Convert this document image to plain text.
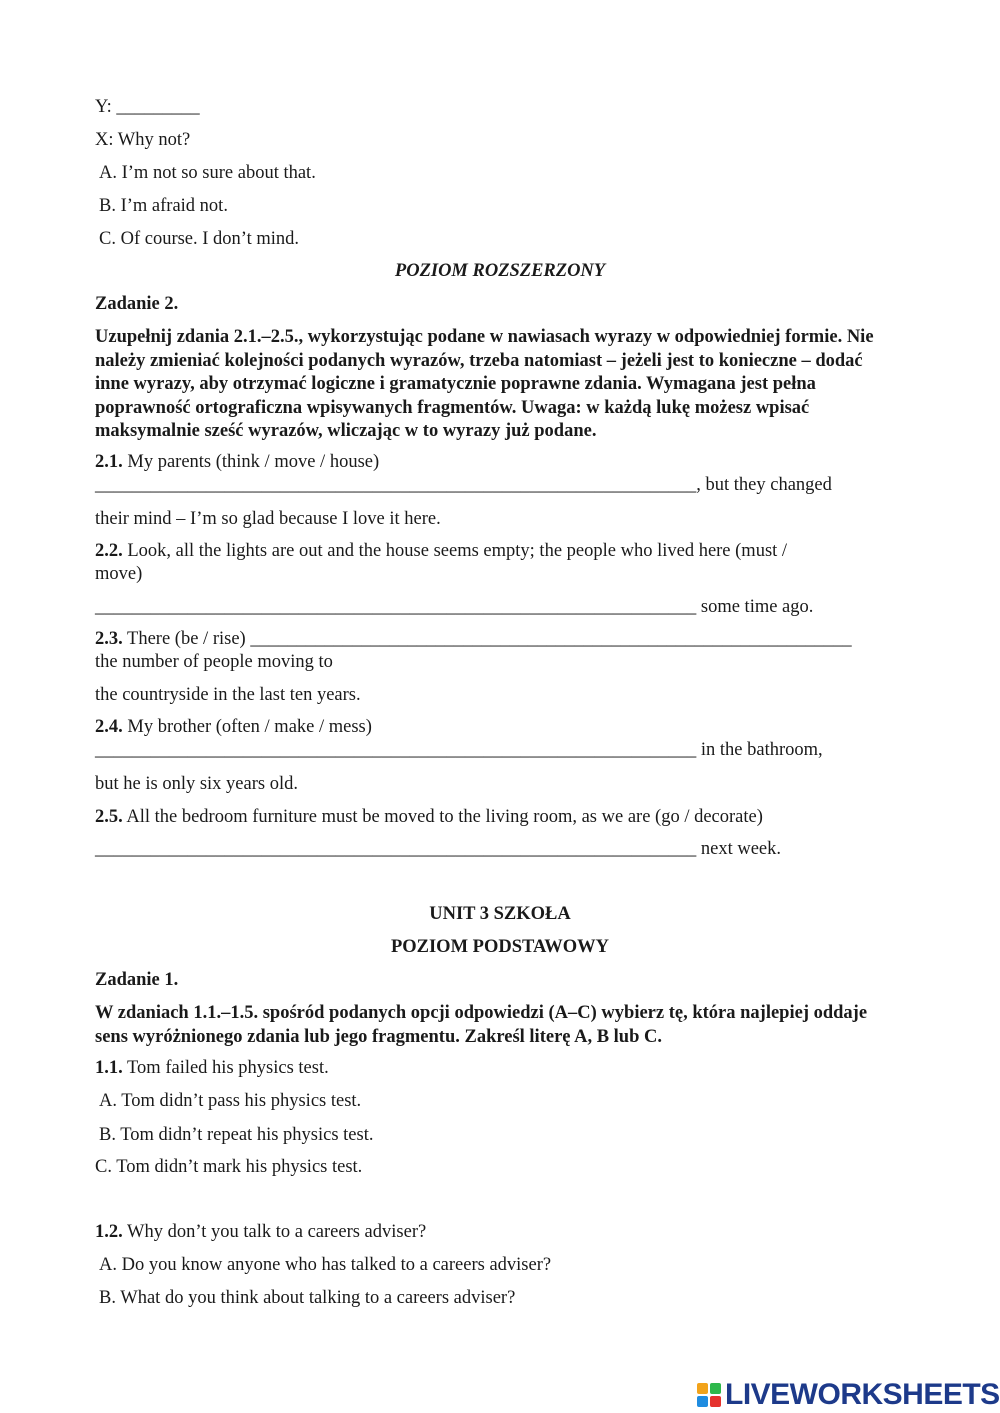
Y: _________
X: Why not?
A. I’m not so sure about that.
B. I’m afraid not.
C. Of course. I don’t mind.
POZIOM ROZSZERZONY
Zadanie 2.
Uzupełnij zdania 2.1.–2.5., wykorzystując podane w nawiasach wyrazy w odpowiedniej formie. Nie należy zmieniać kolejności podanych wyrazów, trzeba natomiast – jeżeli jest to konieczne – dodać inne wyrazy, aby otrzymać logiczne i gramatycznie poprawne zdania. Wymagana jest pełna poprawność ortograficzna wpisywanych fragmentów. Uwaga: w każdą lukę możesz wpisać maksymalnie sześć wyrazów, wliczając w to wyrazy już podane.
2.1. My parents (think / move / house)
_________________________________________________________________, but they changed
their mind – I’m so glad because I love it here.
2.2. Look, all the lights are out and the house seems empty; the people who lived here (must /
move)
_________________________________________________________________ some time ago.
2.3. There (be / rise) _________________________________________________________________
the number of people moving to
the countryside in the last ten years.
2.4. My brother (often / make / mess)
_________________________________________________________________ in the bathroom,
but he is only six years old.
2.5. All the bedroom furniture must be moved to the living room, as we are (go / decorate)
_________________________________________________________________ next week.
UNIT 3 SZKOŁA
POZIOM PODSTAWOWY
Zadanie 1.
W zdaniach 1.1.–1.5. spośród podanych opcji odpowiedzi (A–C) wybierz tę, która najlepiej oddaje sens wyróżnionego zdania lub jego fragmentu. Zakreśl literę A, B lub C.
1.1. Tom failed his physics test.
A. Tom didn’t pass his physics test.
B. Tom didn’t repeat his physics test.
C. Tom didn’t mark his physics test.
1.2. Why don’t you talk to a careers adviser?
A. Do you know anyone who has talked to a careers adviser?
B. What do you think about talking to a careers adviser?
LIVEWORKSHEETS
